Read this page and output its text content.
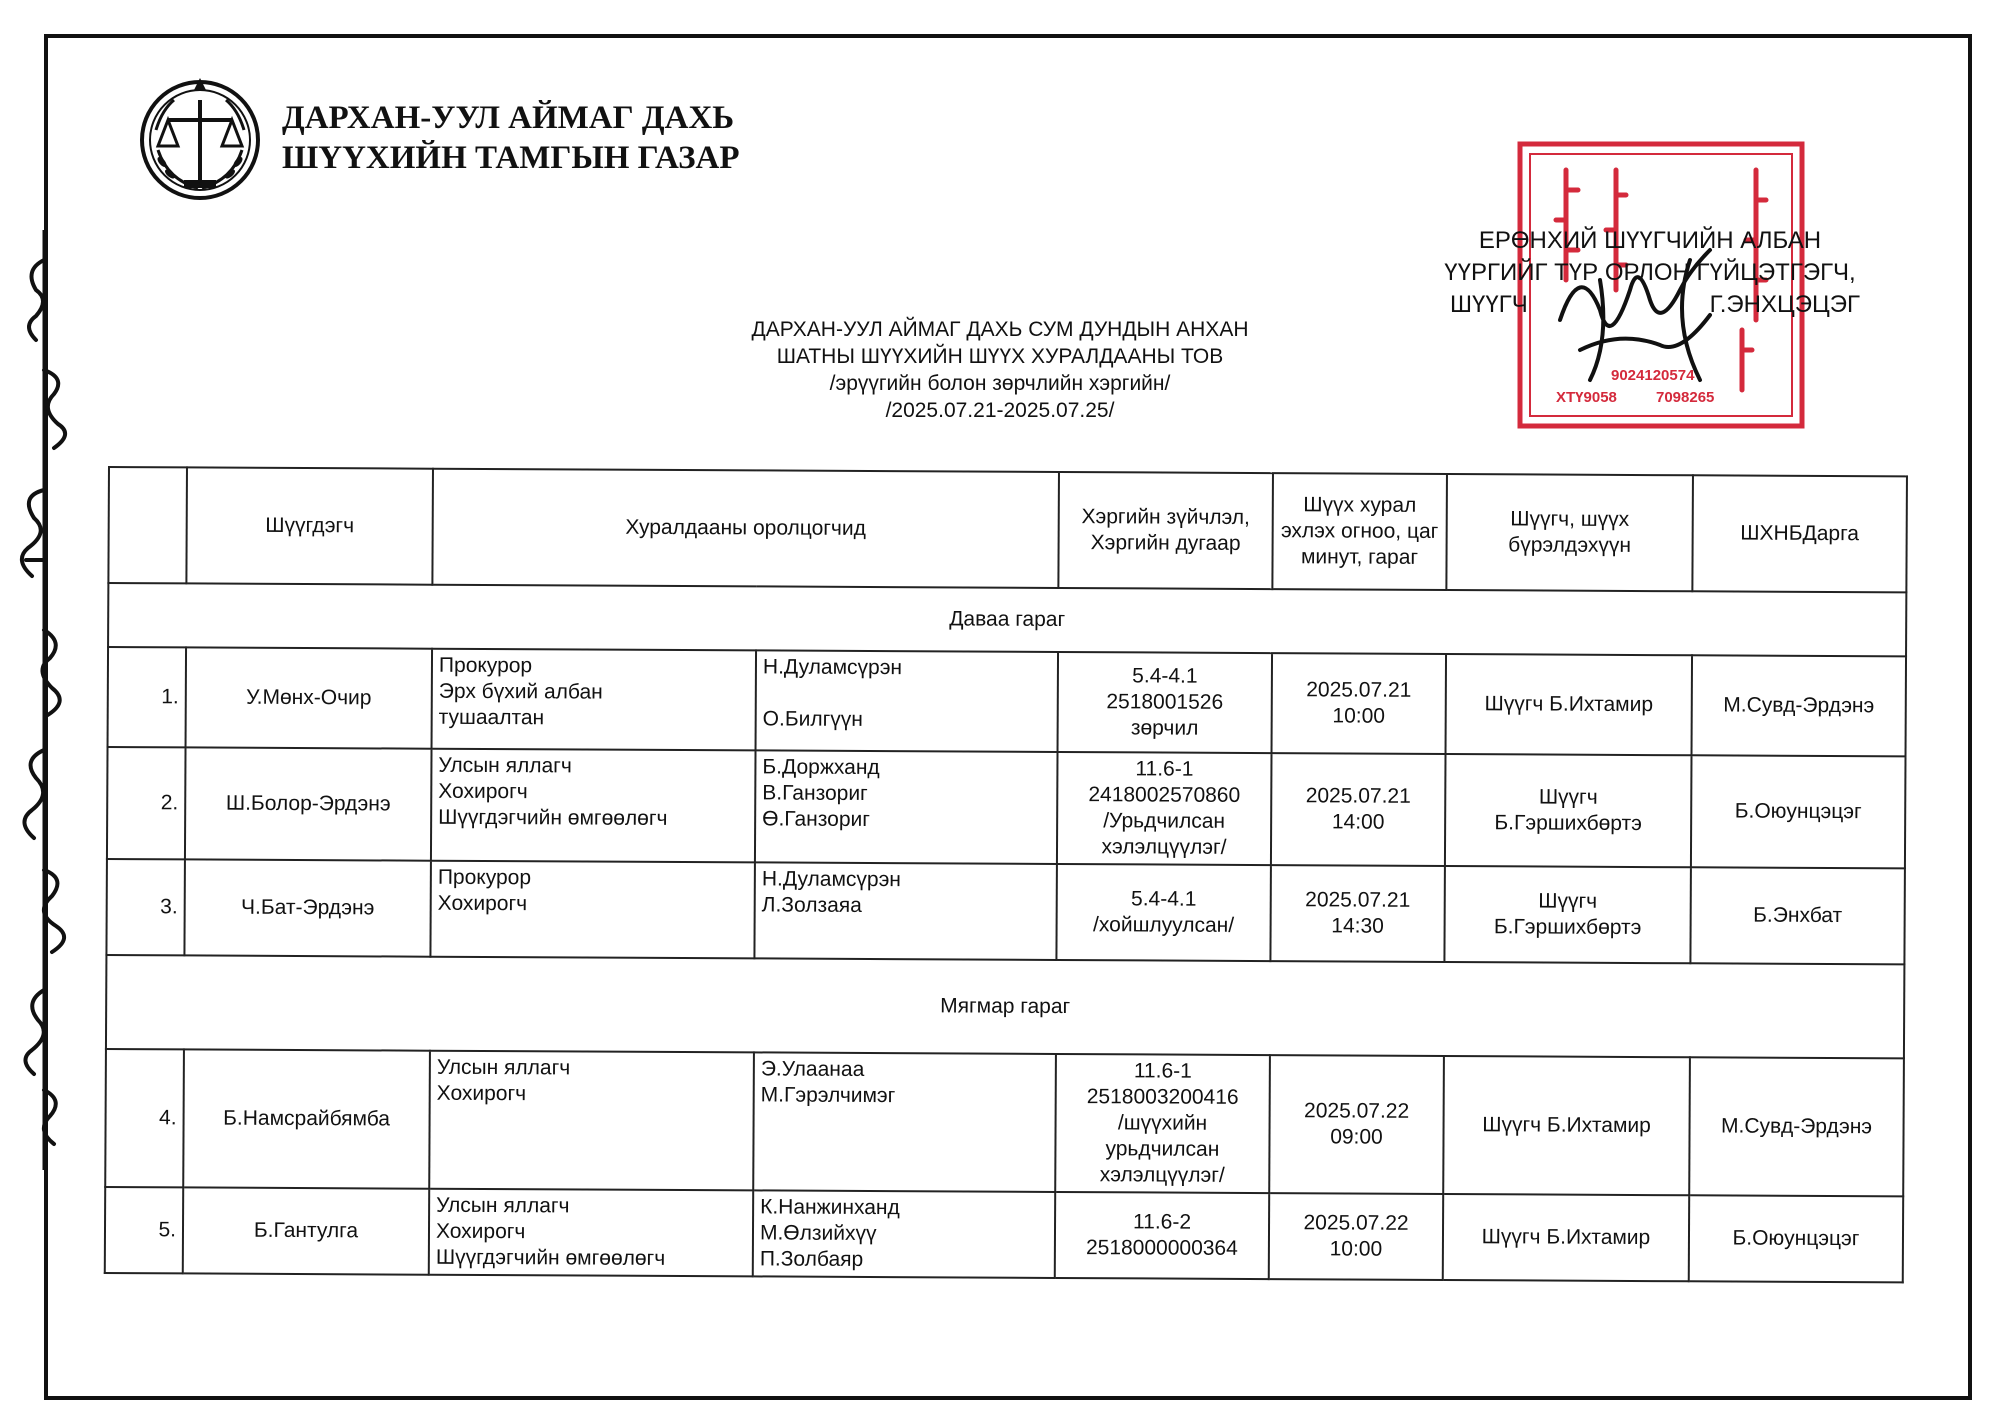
ᠳᠠᠷᠬᠠᠨ ᠤᠤᠯ ᠠᠶᠢᠮᠠᠭ ᠤᠨ ᠰᠢᠭᠦᠬᠦ ᠶᠢᠨ ᠲᠠᠮᠠᠭ᠎ᠠ ᠶᠢᠨ ᠭᠠᠵᠠᠷ
ДАРХАН-УУЛ АЙМАГ ДАХЬ
ШҮҮХИЙН ТАМГЫН ГАЗАР
9024120574
ХТҮ9058	7098265
ЕРӨНХИЙ ШҮҮГЧИЙН АЛБАН
ҮҮРГИЙГ ТҮР ОРЛОН ГҮЙЦЭТГЭГЧ,
ШҮҮГЧ	Г.ЭНХЦЭЦЭГ
ДАРХАН-УУЛ АЙМАГ ДАХЬ СУМ ДУНДЫН АНХАН
ШАТНЫ ШҮҮХИЙН ШҮҮХ ХУРАЛДААНЫ ТОВ
/эрүүгийн болон зөрчлийн хэргийн/
/2025.07.21-2025.07.25/
	Шүүгдэгч	Хуралдааны оролцогчид		Хэргийн зүйчлэл, Хэргийн дугаар	Шүүх хурал эхлэх огноо, цаг минут, гараг	Шүүгч, шүүх бүрэлдэхүүн	ШХНБДарга
Даваа гараг							
1.	У.Мөнх-Очир	Прокурор
Эрх бүхий албан
тушаалтан	Н.Дуламсүрэн
О.Билгүүн	5.4-4.1
2518001526
зөрчил	2025.07.21
10:00	Шүүгч Б.Ихтамир	М.Сувд-Эрдэнэ
2.	Ш.Болор-Эрдэнэ	Улсын яллагч
Хохирогч
Шүүгдэгчийн өмгөөлөгч	Б.Доржханд
В.Ганзориг
Ө.Ганзориг	11.6-1
2418002570860
/Урьдчилсан
хэлэлцүүлэг/	2025.07.21
14:00	Шүүгч
Б.Гэршихбөртэ	Б.Оюунцэцэг
3.	Ч.Бат-Эрдэнэ	Прокурор
Хохирогч	Н.Дуламсүрэн
Л.Золзаяа	5.4-4.1
/хойшлуулсан/	2025.07.21
14:30	Шүүгч
Б.Гэршихбөртэ	Б.Энхбат
Мягмар гараг							
4.	Б.Намсрайбямба	Улсын яллагч
Хохирогч	Э.Улаанаа
М.Гэрэлчимэг	11.6-1
2518003200416
/шүүхийн
урьдчилсан
хэлэлцүүлэг/	2025.07.22
09:00	Шүүгч Б.Ихтамир	М.Сувд-Эрдэнэ
5.	Б.Гантулга	Улсын яллагч
Хохирогч
Шүүгдэгчийн өмгөөлөгч	К.Нанжинханд
М.Өлзийхүү
П.Золбаяр	11.6-2
2518000000364	2025.07.22
10:00	Шүүгч Б.Ихтамир	Б.Оюунцэцэг
